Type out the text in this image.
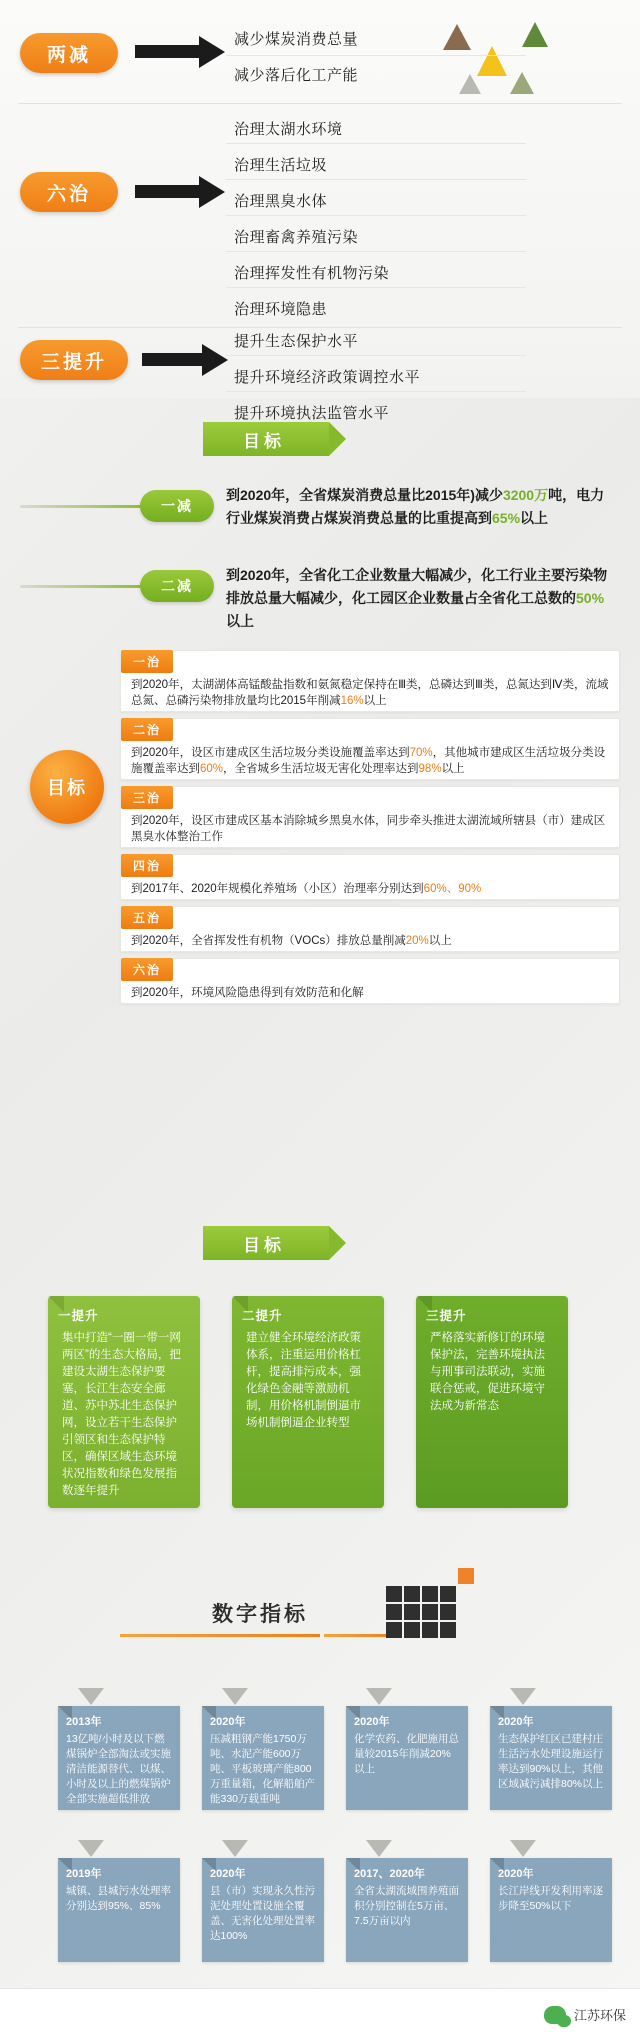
两减
减少煤炭消费总量
减少落后化工产能
六治
治理太湖水环境
治理生活垃圾
治理黑臭水体
治理畜禽养殖污染
治理挥发性有机物污染
治理环境隐患
三提升
提升生态保护水平
提升环境经济政策调控水平
提升环境执法监管水平
目标
一减
到2020年，全省煤炭消费总量比2015年)减少3200万吨，电力行业煤炭消费占煤炭消费总量的比重提高到65%以上
二减
到2020年，全省化工企业数量大幅减少，化工行业主要污染物排放总量大幅减少，化工园区企业数量占全省化工总数的50%以上
目标
一治
到2020年，太湖湖体高锰酸盐指数和氨氮稳定保持在Ⅲ类，总磷达到Ⅲ类，总氮达到Ⅳ类，流域总氮、总磷污染物排放量均比2015年削减16%以上
二治
到2020年，设区市建成区生活垃圾分类设施覆盖率达到70%，其他城市建成区生活垃圾分类设施覆盖率达到60%，全省城乡生活垃圾无害化处理率达到98%以上
三治
到2020年，设区市建成区基本消除城乡黑臭水体，同步牵头推进太湖流域所辖县（市）建成区黑臭水体整治工作
四治
到2017年、2020年规模化养殖场（小区）治理率分别达到60%、90%
五治
到2020年，全省挥发性有机物（VOCs）排放总量削减20%以上
六治
到2020年，环境风险隐患得到有效防范和化解
目标
一提升
集中打造“一圈一带一网两区”的生态大格局，把建设太湖生态保护要塞，长江生态安全廊道、苏中苏北生态保护网，设立若干生态保护引领区和生态保护特区，确保区域生态环境状况指数和绿色发展指数逐年提升
二提升
建立健全环境经济政策体系，注重运用价格杠杆，提高排污成本，强化绿色金融等激励机制，用价格机制倒逼市场机制倒逼企业转型
三提升
严格落实新修订的环境保护法，完善环境执法与刑事司法联动，实施联合惩戒，促进环境守法成为新常态
数字指标
2013年
13亿吨/小时及以下燃煤锅炉全部淘汰或实施清洁能源替代、以煤、小时及以上的燃煤锅炉全部实施超低排放
2020年
压减粗钢产能1750万吨、水泥产能600万吨、平板玻璃产能800万重量箱，化解船舶产能330万载重吨
2020年
化学农药、化肥施用总量较2015年削减20%以上
2020年
生态保护红区已建村庄生活污水处理设施运行率达到90%以上，其他区域减污减排80%以上
2019年
城镇、县城污水处理率分别达到95%、85%
2020年
县（市）实现永久性污泥处理处置设施全覆盖、无害化处理处置率达100%
2017、2020年
全省太湖流域围养殖面积分别控制在5万亩、7.5万亩以内
2020年
长江岸线开发利用率逐步降至50%以下
江苏环保
